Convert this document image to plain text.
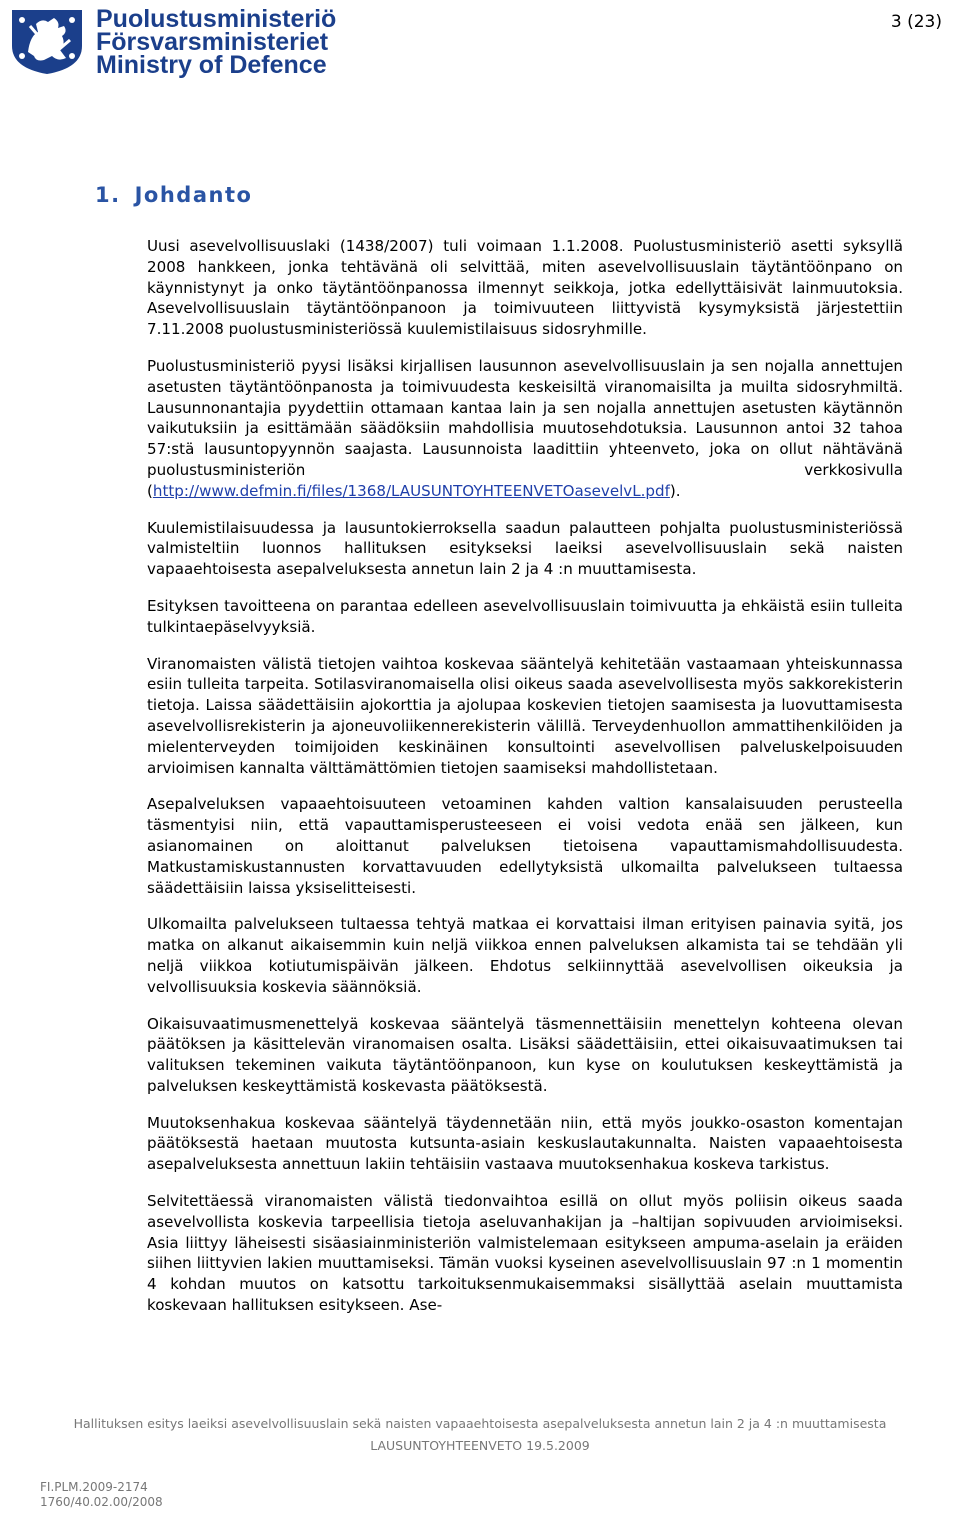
Puolustusministeriö
Försvarsministeriet
Ministry of Defence
3 (23)
1. Johdanto

Uusi asevelvollisuuslaki (1438/2007) tuli voimaan 1.1.2008. Puolustusministeriö asetti syksyllä 2008 hankkeen, jonka tehtävänä oli selvittää, miten asevelvollisuuslain täytäntöönpano on käynnistynyt ja onko täytäntöönpanossa ilmennyt seikkoja, jotka edellyttäisivät lainmuutoksia. Asevelvollisuuslain täytäntöönpanoon ja toimivuuteen liittyvistä kysymyksistä järjestettiin 7.11.2008 puolustusministeriössä kuulemistilaisuus sidosryhmille.

Puolustusministeriö pyysi lisäksi kirjallisen lausunnon asevelvollisuuslain ja sen nojalla annettujen asetusten täytäntöönpanosta ja toimivuudesta keskeisiltä viranomaisilta ja muilta sidosryhmiltä. Lausunnonantajia pyydettiin ottamaan kantaa lain ja sen nojalla annettujen asetusten käytännön vaikutuksiin ja esittämään säädöksiin mahdollisia muutosehdotuksia. Lausunnon antoi 32 tahoa 57:stä lausuntopyynnön saajasta. Lausunnoista laadittiin yhteenveto, joka on ollut nähtävänä puolustusministeriön verkkosivulla (http://www.defmin.fi/files/1368/LAUSUNTOYHTEENVETOasevelvL.pdf).

Kuulemistilaisuudessa ja lausuntokierroksella saadun palautteen pohjalta puolustusministeriössä valmisteltiin luonnos hallituksen esitykseksi laeiksi asevelvollisuuslain sekä naisten vapaaehtoisesta asepalveluksesta annetun lain 2 ja 4 :n muuttamisesta.

Esityksen tavoitteena on parantaa edelleen asevelvollisuuslain toimivuutta ja ehkäistä esiin tulleita tulkintaepäselvyyksiä.

Viranomaisten välistä tietojen vaihtoa koskevaa sääntelyä kehitetään vastaamaan yhteiskunnassa esiin tulleita tarpeita. Sotilasviranomaisella olisi oikeus saada asevelvollisesta myös sakkorekisterin tietoja. Laissa säädettäisiin ajokorttia ja ajolupaa koskevien tietojen saamisesta ja luovuttamisesta asevelvollisrekisterin ja ajoneuvoliikennerekisterin välillä. Terveydenhuollon ammattihenkilöiden ja mielenterveyden toimijoiden keskinäinen konsultointi asevelvollisen palveluskelpoisuuden arvioimisen kannalta välttämättömien tietojen saamiseksi mahdollistetaan.

Asepalveluksen vapaaehtoisuuteen vetoaminen kahden valtion kansalaisuuden perusteella täsmentyisi niin, että vapauttamisperusteeseen ei voisi vedota enää sen jälkeen, kun asianomainen on aloittanut palveluksen tietoisena vapauttamismahdollisuudesta. Matkustamiskustannusten korvattavuuden edellytyksistä ulkomailta palvelukseen tultaessa säädettäisiin laissa yksiselitteisesti.

Ulkomailta palvelukseen tultaessa tehtyä matkaa ei korvattaisi ilman erityisen painavia syitä, jos matka on alkanut aikaisemmin kuin neljä viikkoa ennen palveluksen alkamista tai se tehdään yli neljä viikkoa kotiutumispäivän jälkeen. Ehdotus selkiinnyttää asevelvollisen oikeuksia ja velvollisuuksia koskevia säännöksiä.

Oikaisuvaatimusmenettelyä koskevaa sääntelyä täsmennettäisiin menettelyn kohteena olevan päätöksen ja käsittelevän viranomaisen osalta. Lisäksi säädettäisiin, ettei oikaisuvaatimuksen tai valituksen tekeminen vaikuta täytäntöönpanoon, kun kyse on koulutuksen keskeyttämistä ja palveluksen keskeyttämistä koskevasta päätöksestä.

Muutoksenhakua koskevaa sääntelyä täydennetään niin, että myös joukko-osaston komentajan päätöksestä haetaan muutosta kutsunta-asiain keskuslautakunnalta. Naisten vapaaehtoisesta asepalveluksesta annettuun lakiin tehtäisiin vastaava muutoksenhakua koskeva tarkistus.

Selvitettäessä viranomaisten välistä tiedonvaihtoa esillä on ollut myös poliisin oikeus saada asevelvollista koskevia tarpeellisia tietoja aseluvanhakijan ja –haltijan sopivuuden arvioimiseksi. Asia liittyy läheisesti sisäasiainministeriön valmistelemaan esitykseen ampuma-aselain ja eräiden siihen liittyvien lakien muuttamiseksi. Tämän vuoksi kyseinen asevelvollisuuslain 97 :n 1 momentin 4 kohdan muutos on katsottu tarkoituksenmukaisemmaksi sisällyttää aselain muuttamista koskevaan hallituksen esitykseen. Ase-

Hallituksen esitys laeiksi asevelvollisuuslain sekä naisten vapaaehtoisesta asepalveluksesta annetun lain 2 ja 4 :n muuttamisesta
LAUSUNTOYHTEENVETO 19.5.2009
FI.PLM.2009-2174
1760/40.02.00/2008
